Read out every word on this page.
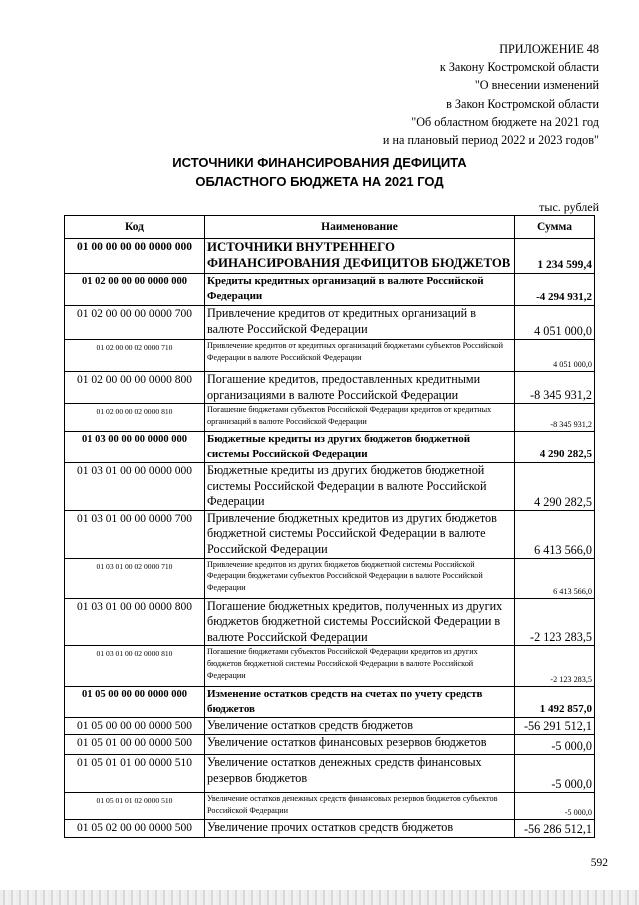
ПРИЛОЖЕНИЕ 48
к Закону Костромской области
"О внесении изменений
в Закон Костромской области
"Об областном бюджете на 2021 год
и на плановый период 2022 и 2023 годов"
ИСТОЧНИКИ ФИНАНСИРОВАНИЯ ДЕФИЦИТА
ОБЛАСТНОГО БЮДЖЕТА НА 2021 ГОД
тыс. рублей
Код	Наименование	Сумма
01 00 00 00 00 0000 000	ИСТОЧНИКИ ВНУТРЕННЕГО ФИНАНСИРОВАНИЯ ДЕФИЦИТОВ БЮДЖЕТОВ	1 234 599,4
01 02 00 00 00 0000 000	Кредиты кредитных организаций в валюте Российской Федерации	-4 294 931,2
01 02 00 00 00 0000 700	Привлечение кредитов от кредитных организаций в валюте Российской Федерации	4 051 000,0
01 02 00 00 02 0000 710	Привлечение кредитов от кредитных организаций бюджетами субъектов Российской Федерации в валюте Российской Федерации	4 051 000,0
01 02 00 00 00 0000 800	Погашение кредитов, предоставленных кредитными организациями в валюте Российской Федерации	-8 345 931,2
01 02 00 00 02 0000 810	Погашение бюджетами субъектов Российской Федерации кредитов от кредитных организаций в валюте Российской Федерации	-8 345 931,2
01 03 00 00 00 0000 000	Бюджетные кредиты из других бюджетов бюджетной системы Российской Федерации	4 290 282,5
01 03 01 00 00 0000 000	Бюджетные кредиты из других бюджетов бюджетной системы Российской Федерации в валюте Российской Федерации	4 290 282,5
01 03 01 00 00 0000 700	Привлечение бюджетных кредитов из других бюджетов бюджетной системы Российской Федерации в валюте Российской Федерации	6 413 566,0
01 03 01 00 02 0000 710	Привлечение кредитов из других бюджетов бюджетной системы Российской Федерации бюджетами субъектов Российской Федерации в валюте Российской Федерации	6 413 566,0
01 03 01 00 00 0000 800	Погашение бюджетных кредитов, полученных из других бюджетов бюджетной системы Российской Федерации в валюте Российской Федерации	-2 123 283,5
01 03 01 00 02 0000 810	Погашение бюджетами субъектов Российской Федерации кредитов из других бюджетов бюджетной системы Российской Федерации в валюте Российской Федерации	-2 123 283,5
01 05 00 00 00 0000 000	Изменение остатков средств на счетах по учету средств бюджетов	1 492 857,0
01 05 00 00 00 0000 500	Увеличение остатков средств бюджетов	-56 291 512,1
01 05 01 00 00 0000 500	Увеличение остатков финансовых резервов бюджетов	-5 000,0
01 05 01 01 00 0000 510	Увеличение остатков денежных средств финансовых резервов бюджетов	-5 000,0
01 05 01 01 02 0000 510	Увеличение остатков денежных средств финансовых резервов бюджетов субъектов Российской Федерации	-5 000,0
01 05 02 00 00 0000 500	Увеличение прочих остатков средств бюджетов	-56 286 512,1
592
